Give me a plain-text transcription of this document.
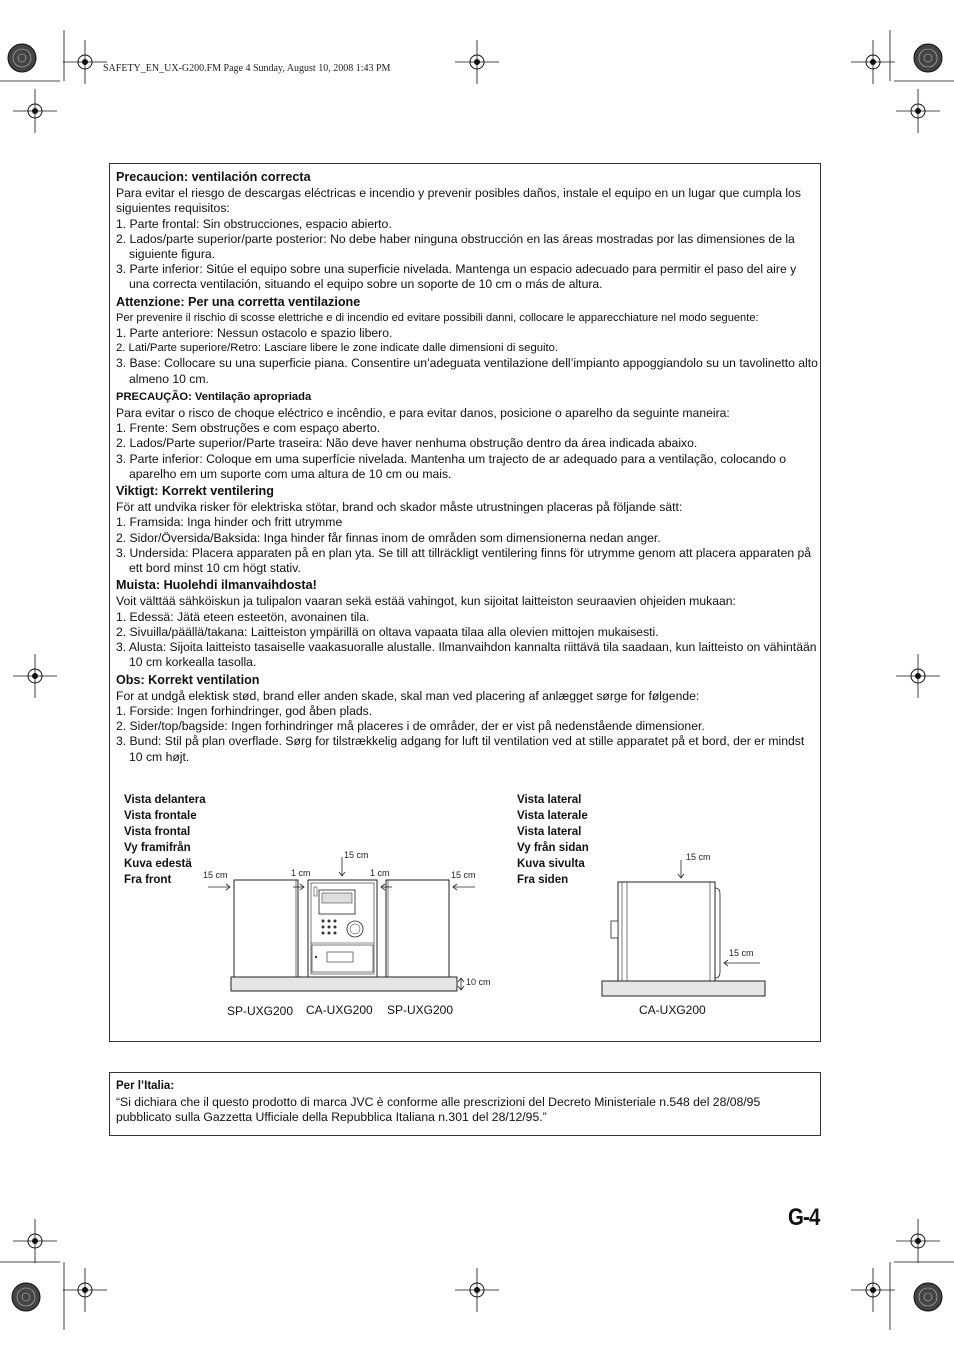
SAFETY_EN_UX-G200.FM Page 4 Sunday, August 10, 2008 1:43 PM
Precaucion: ventilación correcta

Para evitar el riesgo de descargas eléctricas e incendio y prevenir posibles daños, instale el equipo en un lugar que cumpla los siguientes requisitos:

1. Parte frontal: Sin obstrucciones, espacio abierto.
2. Lados/parte superior/parte posterior: No debe haber ninguna obstrucción en las áreas mostradas por las dimensiones de la siguiente figura.
3. Parte inferior: Sitúe el equipo sobre una superficie nivelada. Mantenga un espacio adecuado para permitir el paso del aire y una correcta ventilación, situando el equipo sobre un soporte de 10 cm o más de altura.
Attenzione: Per una corretta ventilazione

Per prevenire il rischio di scosse elettriche e di incendio ed evitare possibili danni, collocare le apparecchiature nel modo seguente:

1. Parte anteriore: Nessun ostacolo e spazio libero.
2. Lati/Parte superiore/Retro: Lasciare libere le zone indicate dalle dimensioni di seguito.
3. Base: Collocare su una superficie piana. Consentire un’adeguata ventilazione dell’impianto appoggiandolo su un tavolinetto alto almeno 10 cm.
PRECAUÇÃO: Ventilação apropriada

Para evitar o risco de choque eléctrico e incêndio, e para evitar danos, posicione o aparelho da seguinte maneira:

1. Frente: Sem obstruções e com espaço aberto.
2. Lados/Parte superior/Parte traseira: Não deve haver nenhuma obstrução dentro da área indicada abaixo.
3. Parte inferior: Coloque em uma superfície nivelada. Mantenha um trajecto de ar adequado para a ventilação, colocando o aparelho em um suporte com uma altura de 10 cm ou mais.
Viktigt: Korrekt ventilering

För att undvika risker för elektriska stötar, brand och skador måste utrustningen placeras på följande sätt:

1. Framsida: Inga hinder och fritt utrymme
2. Sidor/Översida/Baksida: Inga hinder får finnas inom de områden som dimensionerna nedan anger.
3. Undersida: Placera apparaten på en plan yta. Se till att tillräckligt ventilering finns för utrymme genom att placera apparaten på ett bord minst 10 cm högt stativ.
Muista: Huolehdi ilmanvaihdosta!

Voit välttää sähköiskun ja tulipalon vaaran sekä estää vahingot, kun sijoitat laitteiston seuraavien ohjeiden mukaan:

1. Edessä: Jätä eteen esteetön, avonainen tila.
2. Sivuilla/päällä/takana: Laitteiston ympärillä on oltava vapaata tilaa alla olevien mittojen mukaisesti.
3. Alusta: Sijoita laitteisto tasaiselle vaakasuoralle alustalle. Ilmanvaihdon kannalta riittävä tila saadaan, kun laitteisto on vähintään 10 cm korkealla tasolla.
Obs: Korrekt ventilation

For at undgå elektisk stød, brand eller anden skade, skal man ved placering af anlægget sørge for følgende:

1. Forside: Ingen forhindringer, god åben plads.
2. Sider/top/bagside: Ingen forhindringer må placeres i de områder, der er vist på nedenstående dimensioner.
3. Bund: Stil på plan overflade. Sørg for tilstrækkelig adgang for luft til ventilation ved at stille apparatet på et bord, der er mindst 10 cm højt.
Vista delantera
Vista frontale
Vista frontal
Vy framifrån
Kuva edestä
Fra front
Vista lateral
Vista laterale
Vista lateral
Vy från sidan
Kuva sivulta
Fra siden
15 cm	1 cm
15 cm
1 cm	15 cm
10 cm
15 cm
15 cm
SP-UXG200 CA-UXG200 SP-UXG200	CA-UXG200
Per l’Italia:
“Si dichiara che il questo prodotto di marca JVC è conforme alle prescrizioni del Decreto Ministeriale n.548 del 28/08/95 pubblicato sulla Gazzetta Ufficiale della Repubblica Italiana n.301 del 28/12/95.”
G-4
